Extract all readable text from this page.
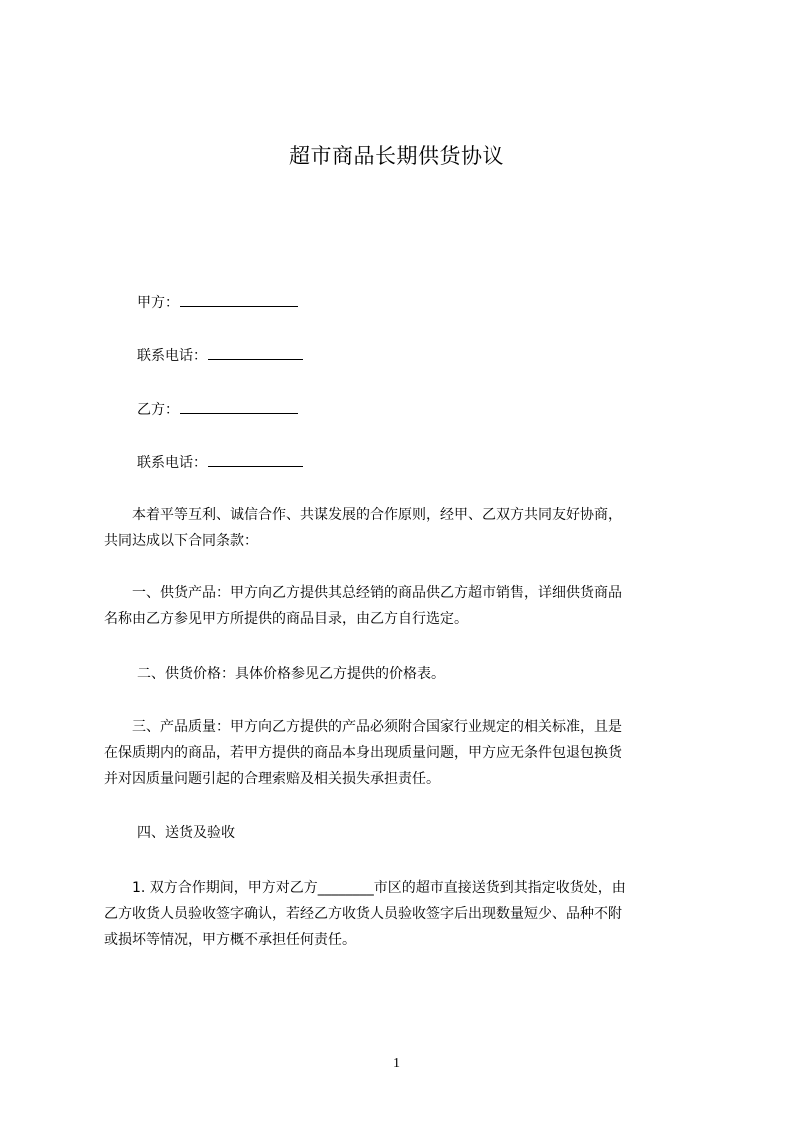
超市商品长期供货协议
甲方：
联系电话：
乙方：
联系电话：
　　本着平等互利、诚信合作、共谋发展的合作原则，经甲、乙双方共同友好协商，
共同达成以下合同条款：
　　一、供货产品：甲方向乙方提供其总经销的商品供乙方超市销售，详细供货商品
名称由乙方参见甲方所提供的商品目录，由乙方自行选定。
二、供货价格：具体价格参见乙方提供的价格表。
　　三、产品质量：甲方向乙方提供的产品必须附合国家行业规定的相关标准，且是
在保质期内的商品，若甲方提供的商品本身出现质量问题，甲方应无条件包退包换货
并对因质量问题引起的合理索赔及相关损失承担责任。
四、送货及验收
　　1. 双方合作期间，甲方对乙方________市区的超市直接送货到其指定收货处，由
乙方收货人员验收签字确认，若经乙方收货人员验收签字后出现数量短少、品种不附
或损坏等情况，甲方概不承担任何责任。
1
